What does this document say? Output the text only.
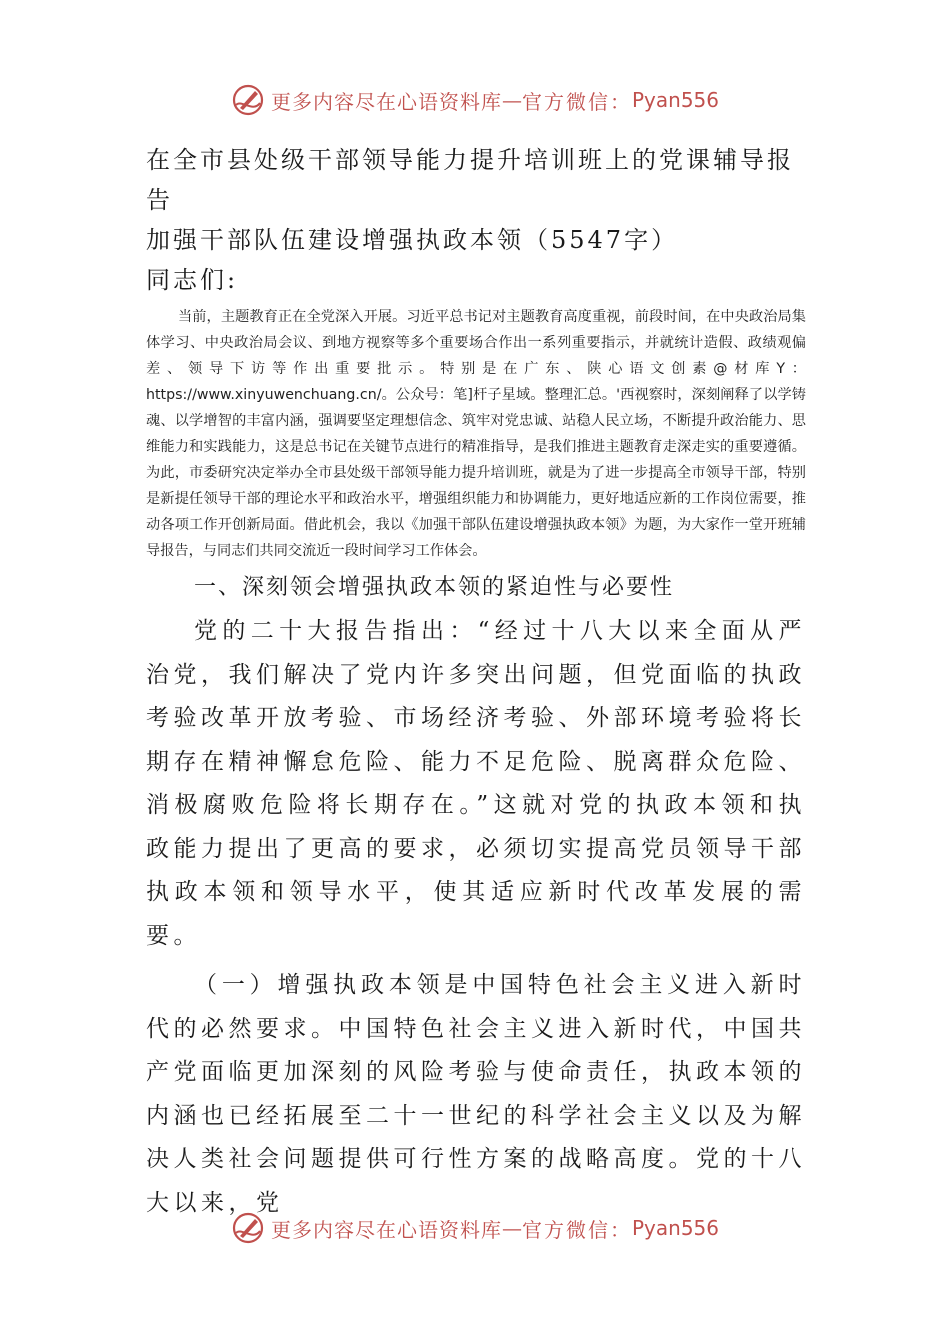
更多内容尽在心语资料库 — 官方微信： Pyan556
在全市县处级干部领导能力提升培训班上的党课辅导报告
加强干部队伍建设增强执政本领（5547字）

同志们:

当前，主题教育正在全党深入开展。习近平总书记对主题教育高度重视，前段时间，在中央政治局集体学习、中央政治局会议、到地方视察等多个重要场合作出一系列重要指示，并就统计造假、政绩观偏差、领导下访等作出重要批示。特别是在广东、陕心语文创素@材库Y：https://www.xinyuwenchuang.cn/。公众号：笔]杆子星域。整理汇总。'西视察时，深刻阐释了以学铸魂、以学增智的丰富内涵，强调要坚定理想信念、筑牢对党忠诚、站稳人民立场，不断提升政治能力、思维能力和实践能力，这是总书记在关键节点进行的精准指导，是我们推进主题教育走深走实的重要遵循。为此，市委研究决定举办全市县处级干部领导能力提升培训班，就是为了进一步提高全市领导干部，特别是新提任领导干部的理论水平和政治水平，增强组织能力和协调能力，更好地适应新的工作岗位需要，推动各项工作开创新局面。借此机会，我以《加强干部队伍建设增强执政本领》为题，为大家作一堂开班辅导报告，与同志们共同交流近一段时间学习工作体会。

一、深刻领会增强执政本领的紧迫性与必要性

党的二十大报告指出：“经过十八大以来全面从严治党，我们解决了党内许多突出问题，但党面临的执政考验改革开放考验、市场经济考验、外部环境考验将长期存在精神懈怠危险、能力不足危险、脱离群众危险、消极腐败危险将长期存在。”这就对党的执政本领和执政能力提出了更高的要求，必须切实提高党员领导干部执政本领和领导水平，使其适应新时代改革发展的需要。

（一）增强执政本领是中国特色社会主义进入新时代的必然要求。中国特色社会主义进入新时代，中国共产党面临更加深刻的风险考验与使命责任，执政本领的内涵也已经拓展至二十一世纪的科学社会主义以及为解决人类社会问题提供可行性方案的战略高度。党的十八大以来，党

更多内容尽在心语资料库 — 官方微信： Pyan556
